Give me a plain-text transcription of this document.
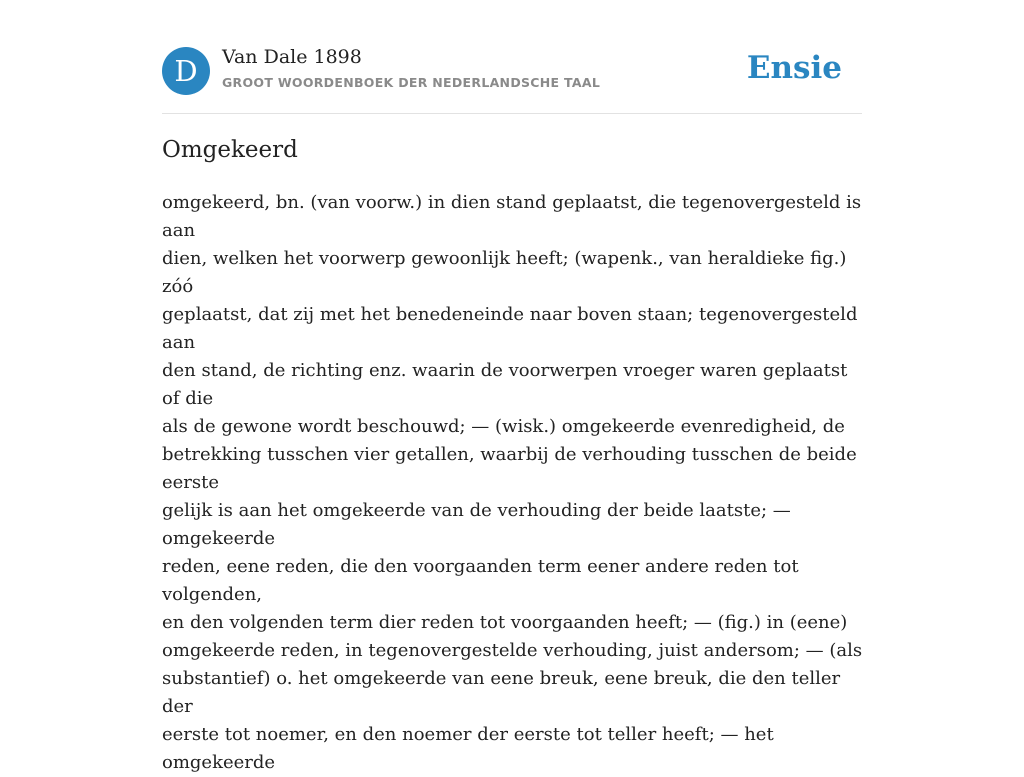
D	Van Dale 1898
GROOT WOORDENBOEK DER NEDERLANDSCHE TAAL	Ensie
Omgekeerd
omgekeerd, bn. (van voorw.) in dien stand geplaatst, die tegenovergesteld is aan
dien, welken het voorwerp gewoonlijk heeft; (wapenk., van heraldieke fig.) zóó
geplaatst, dat zij met het benedeneinde naar boven staan; tegenovergesteld aan
den stand, de richting enz. waarin de voorwerpen vroeger waren geplaatst of die
als de gewone wordt beschouwd; — (wisk.) omgekeerde evenredigheid, de
betrekking tusschen vier getallen, waarbij de verhouding tusschen de beide eerste
gelijk is aan het omgekeerde van de verhouding der beide laatste; — omgekeerde
reden, eene reden, die den voorgaanden term eener andere reden tot volgenden,
en den volgenden term dier reden tot voorgaanden heeft; — (fig.) in (eene)
omgekeerde reden, in tegenovergestelde verhouding, juist andersom; — (als
substantief) o. het omgekeerde van eene breuk, eene breuk, die den teller der
eerste tot noemer, en den noemer der eerste tot teller heeft; — het omgekeerde
